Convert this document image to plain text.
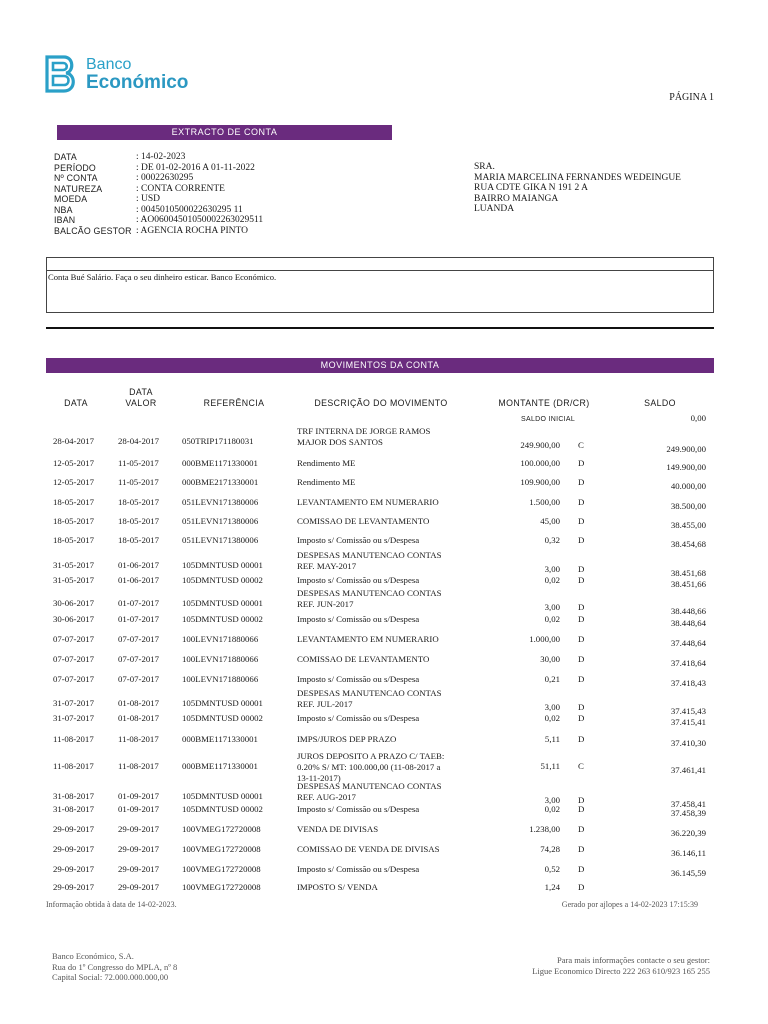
Banco
Económico
PÁGINA 1
EXTRACTO DE CONTA
DATA	: 14-02-2023
PERÍODO	: DE 01-02-2016 A 01-11-2022
Nº CONTA	: 00022630295
NATUREZA	: CONTA CORRENTE
MOEDA	: USD
NBA	: 0045010500022630295 11
IBAN	: AO06004501050002263029511
BALCÃO GESTOR : AGENCIA ROCHA PINTO
SRA.
MARIA MARCELINA FERNANDES WEDEINGUE
RUA CDTE GIKA N 191 2 A
BAIRRO MAIANGA
LUANDA
Conta Bué Salário. Faça o seu dinheiro esticar. Banco Económico.
MOVIMENTOS DA CONTA
DATA
DATA
VALOR	REFERÊNCIA	DESCRIÇÃO DO MOVIMENTO	MONTANTE (DR/CR)	SALDO
SALDO INICIAL	0,00
28-04-2017	28-04-2017	050TRIP171180031
TRF INTERNA DE JORGE RAMOS
MAJOR DOS SANTOS	249.900,00 C	249.900,00
12-05-2017	11-05-2017	000BME1171330001	Rendimento ME	100.000,00 D	149.900,00
12-05-2017	11-05-2017	000BME2171330001	Rendimento ME	109.900,00 D	40.000,00
18-05-2017	18-05-2017	051LEVN171380006	LEVANTAMENTO EM NUMERARIO	1.500,00 D	38.500,00
18-05-2017	18-05-2017	051LEVN171380006	COMISSAO DE LEVANTAMENTO	45,00 D	38.455,00
18-05-2017	18-05-2017	051LEVN171380006	Imposto s/ Comissão ou s/Despesa	0,32 D	38.454,68
31-05-2017	01-06-2017	105DMNTUSD 00001
DESPESAS MANUTENCAO CONTAS
REF. MAY-2017	3,00 D	38.451,68
31-05-2017	01-06-2017	105DMNTUSD 00002	Imposto s/ Comissão ou s/Despesa	0,02 D	38.451,66
30-06-2017	01-07-2017	105DMNTUSD 00001
DESPESAS MANUTENCAO CONTAS
REF. JUN-2017	3,00 D	38.448,66
30-06-2017	01-07-2017	105DMNTUSD 00002	Imposto s/ Comissão ou s/Despesa	0,02 D	38.448,64
07-07-2017	07-07-2017	100LEVN171880066	LEVANTAMENTO EM NUMERARIO	1.000,00 D	37.448,64
07-07-2017	07-07-2017	100LEVN171880066	COMISSAO DE LEVANTAMENTO	30,00 D	37.418,64
07-07-2017	07-07-2017	100LEVN171880066	Imposto s/ Comissão ou s/Despesa	0,21 D	37.418,43
31-07-2017	01-08-2017	105DMNTUSD 00001
DESPESAS MANUTENCAO CONTAS
REF. JUL-2017	3,00 D	37.415,43
31-07-2017	01-08-2017	105DMNTUSD 00002	Imposto s/ Comissão ou s/Despesa	0,02 D	37.415,41
11-08-2017	11-08-2017	000BME1171330001	IMPS/JUROS DEP PRAZO	5,11 D	37.410,30
11-08-2017	11-08-2017	000BME1171330001
JUROS DEPOSITO A PRAZO C/ TAEB:
0.20% S/ MT: 100.000,00 (11-08-2017 a
13-11-2017)
51,11 C	37.461,41
31-08-2017	01-09-2017	105DMNTUSD 00001
DESPESAS MANUTENCAO CONTAS
REF. AUG-2017	3,00 D	37.458,41
31-08-2017	01-09-2017	105DMNTUSD 00002	Imposto s/ Comissão ou s/Despesa	0,02 D	37.458,39
29-09-2017	29-09-2017	100VMEG172720008	VENDA DE DIVISAS	1.238,00 D	36.220,39
29-09-2017	29-09-2017	100VMEG172720008	COMISSAO DE VENDA DE DIVISAS	74,28 D	36.146,11
29-09-2017	29-09-2017	100VMEG172720008	Imposto s/ Comissão ou s/Despesa	0,52 D	36.145,59
29-09-2017	29-09-2017	100VMEG172720008	IMPOSTO S/ VENDA	1,24 D
Informação obtida à data de 14-02-2023.	Gerado por ajlopes a 14-02-2023 17:15:39
Banco Económico, S.A.
Rua do 1º Congresso do MPLA, nº 8
Capital Social: 72.000.000.000,00
Para mais informações contacte o seu gestor:
Ligue Economico Directo 222 263 610/923 165 255
